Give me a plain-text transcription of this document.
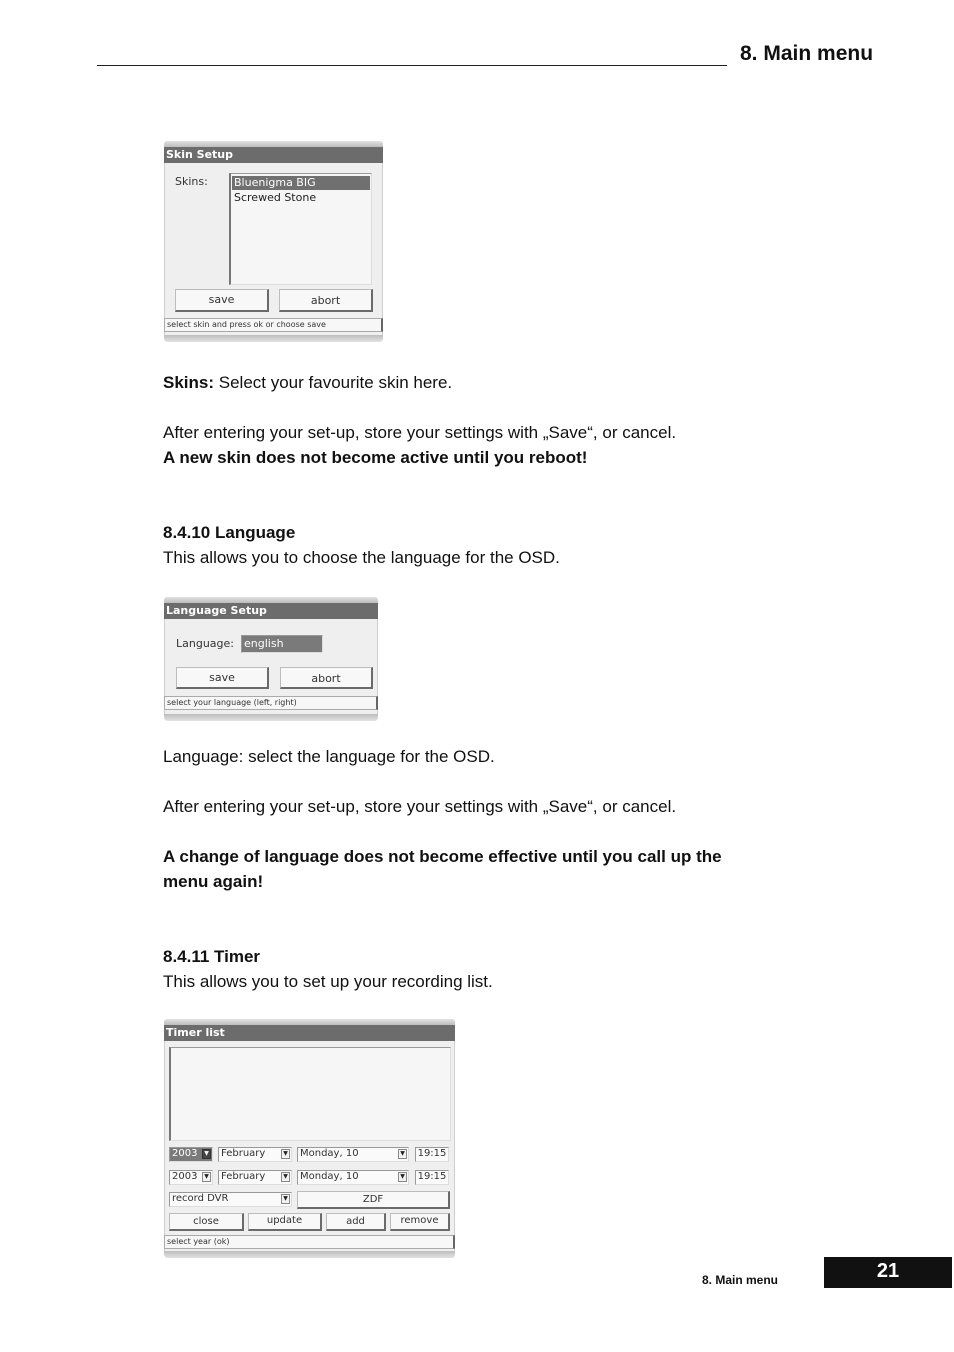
8. Main menu
Skin Setup
Skins: Bluenigma BIG
Screwed Stone
save	abort
select skin and press ok or choose save
Skins: Select your favourite skin here.
After entering your set-up, store your settings with „Save“, or cancel.
A new skin does not become active until you reboot!
8.4.10 Language
This allows you to choose the language for the OSD.
Language Setup
Language: english
save	abort
select your language (left, right)
Language: select the language for the OSD.
After entering your set-up, store your settings with „Save“, or cancel.
A change of language does not become effective until you call up the
menu again!
8.4.11 Timer
This allows you to set up your recording list.
Timer list
2003	▼	February	▼	Monday, 10	▼ 19:15
2003	▼	February	▼	Monday, 10	▼ 19:15
record DVR	▼	ZDF
close	update	add	remove
select year (ok)
8. Main menu	21
